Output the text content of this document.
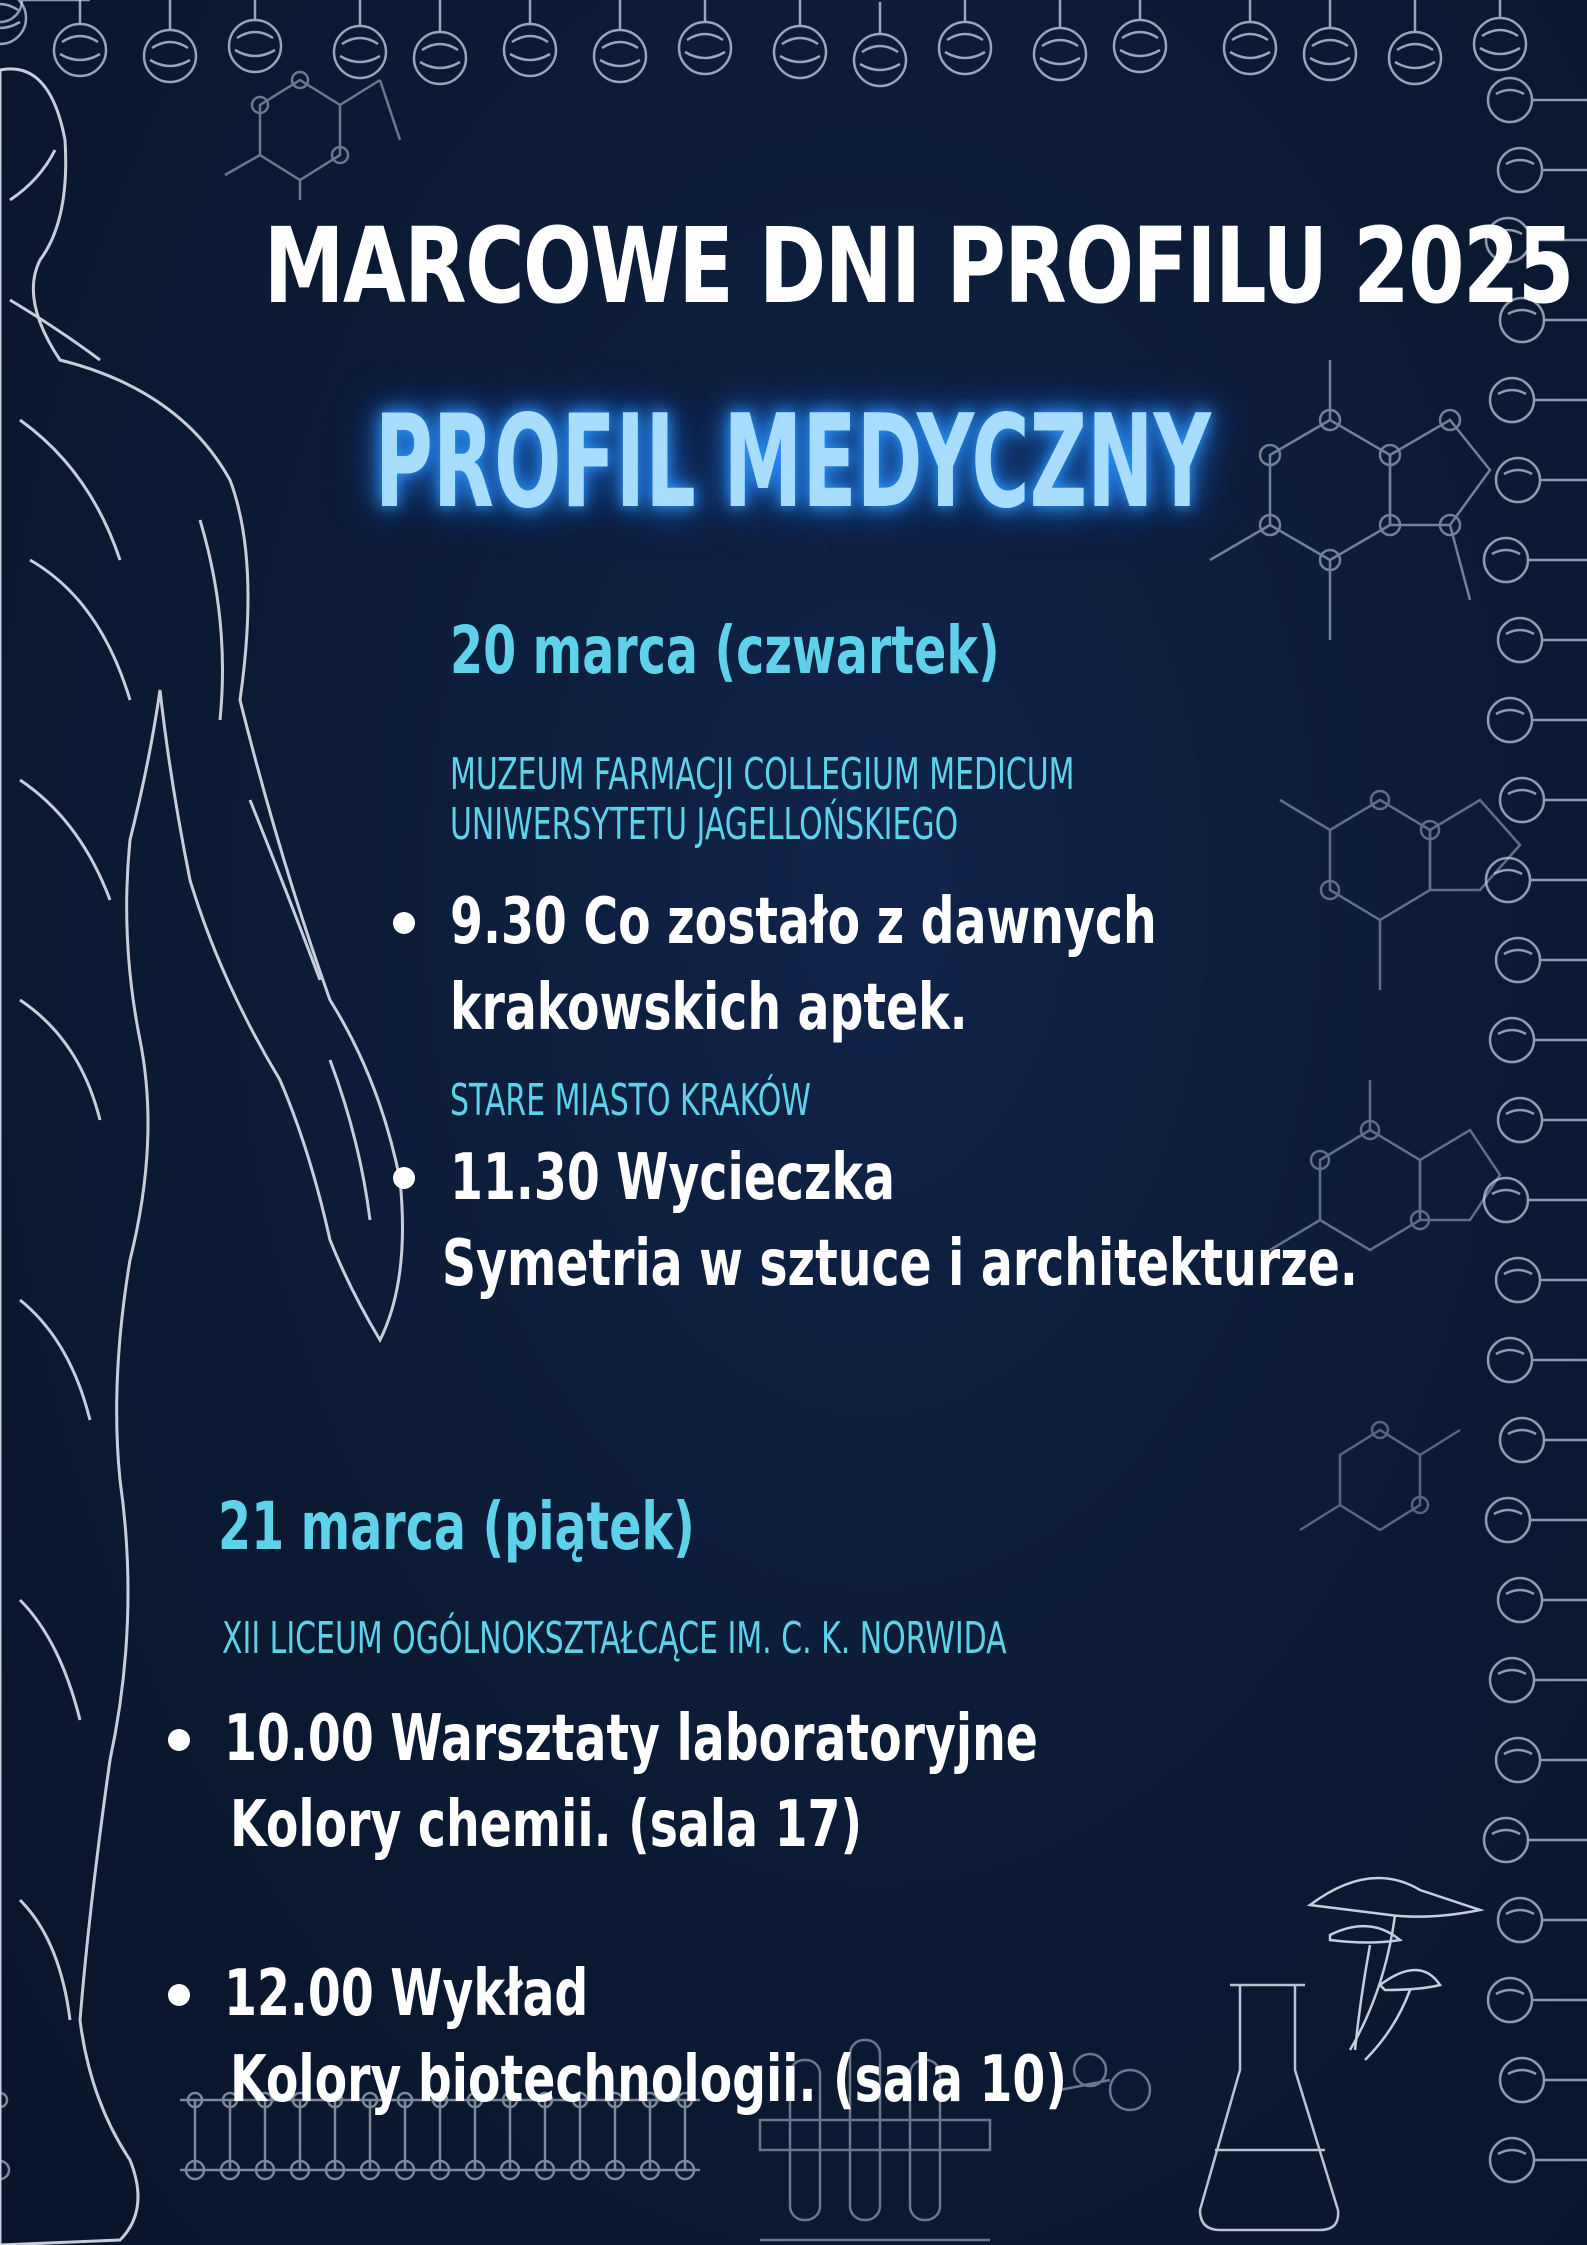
MARCOWE DNI PROFILU 2025
PROFIL MEDYCZNY
20 marca (czwartek)
MUZEUM FARMACJI COLLEGIUM MEDICUM
UNIWERSYTETU JAGELLOŃSKIEGO
9.30 Co zostało z dawnych
krakowskich aptek.
STARE MIASTO KRAKÓW
11.30 Wycieczka
Symetria w sztuce i architekturze.
21 marca (piątek)
XII LICEUM OGÓLNOKSZTAŁCĄCE IM. C. K. NORWIDA
10.00 Warsztaty laboratoryjne
Kolory chemii. (sala 17)
12.00 Wykład
Kolory biotechnologii. (sala 10)
